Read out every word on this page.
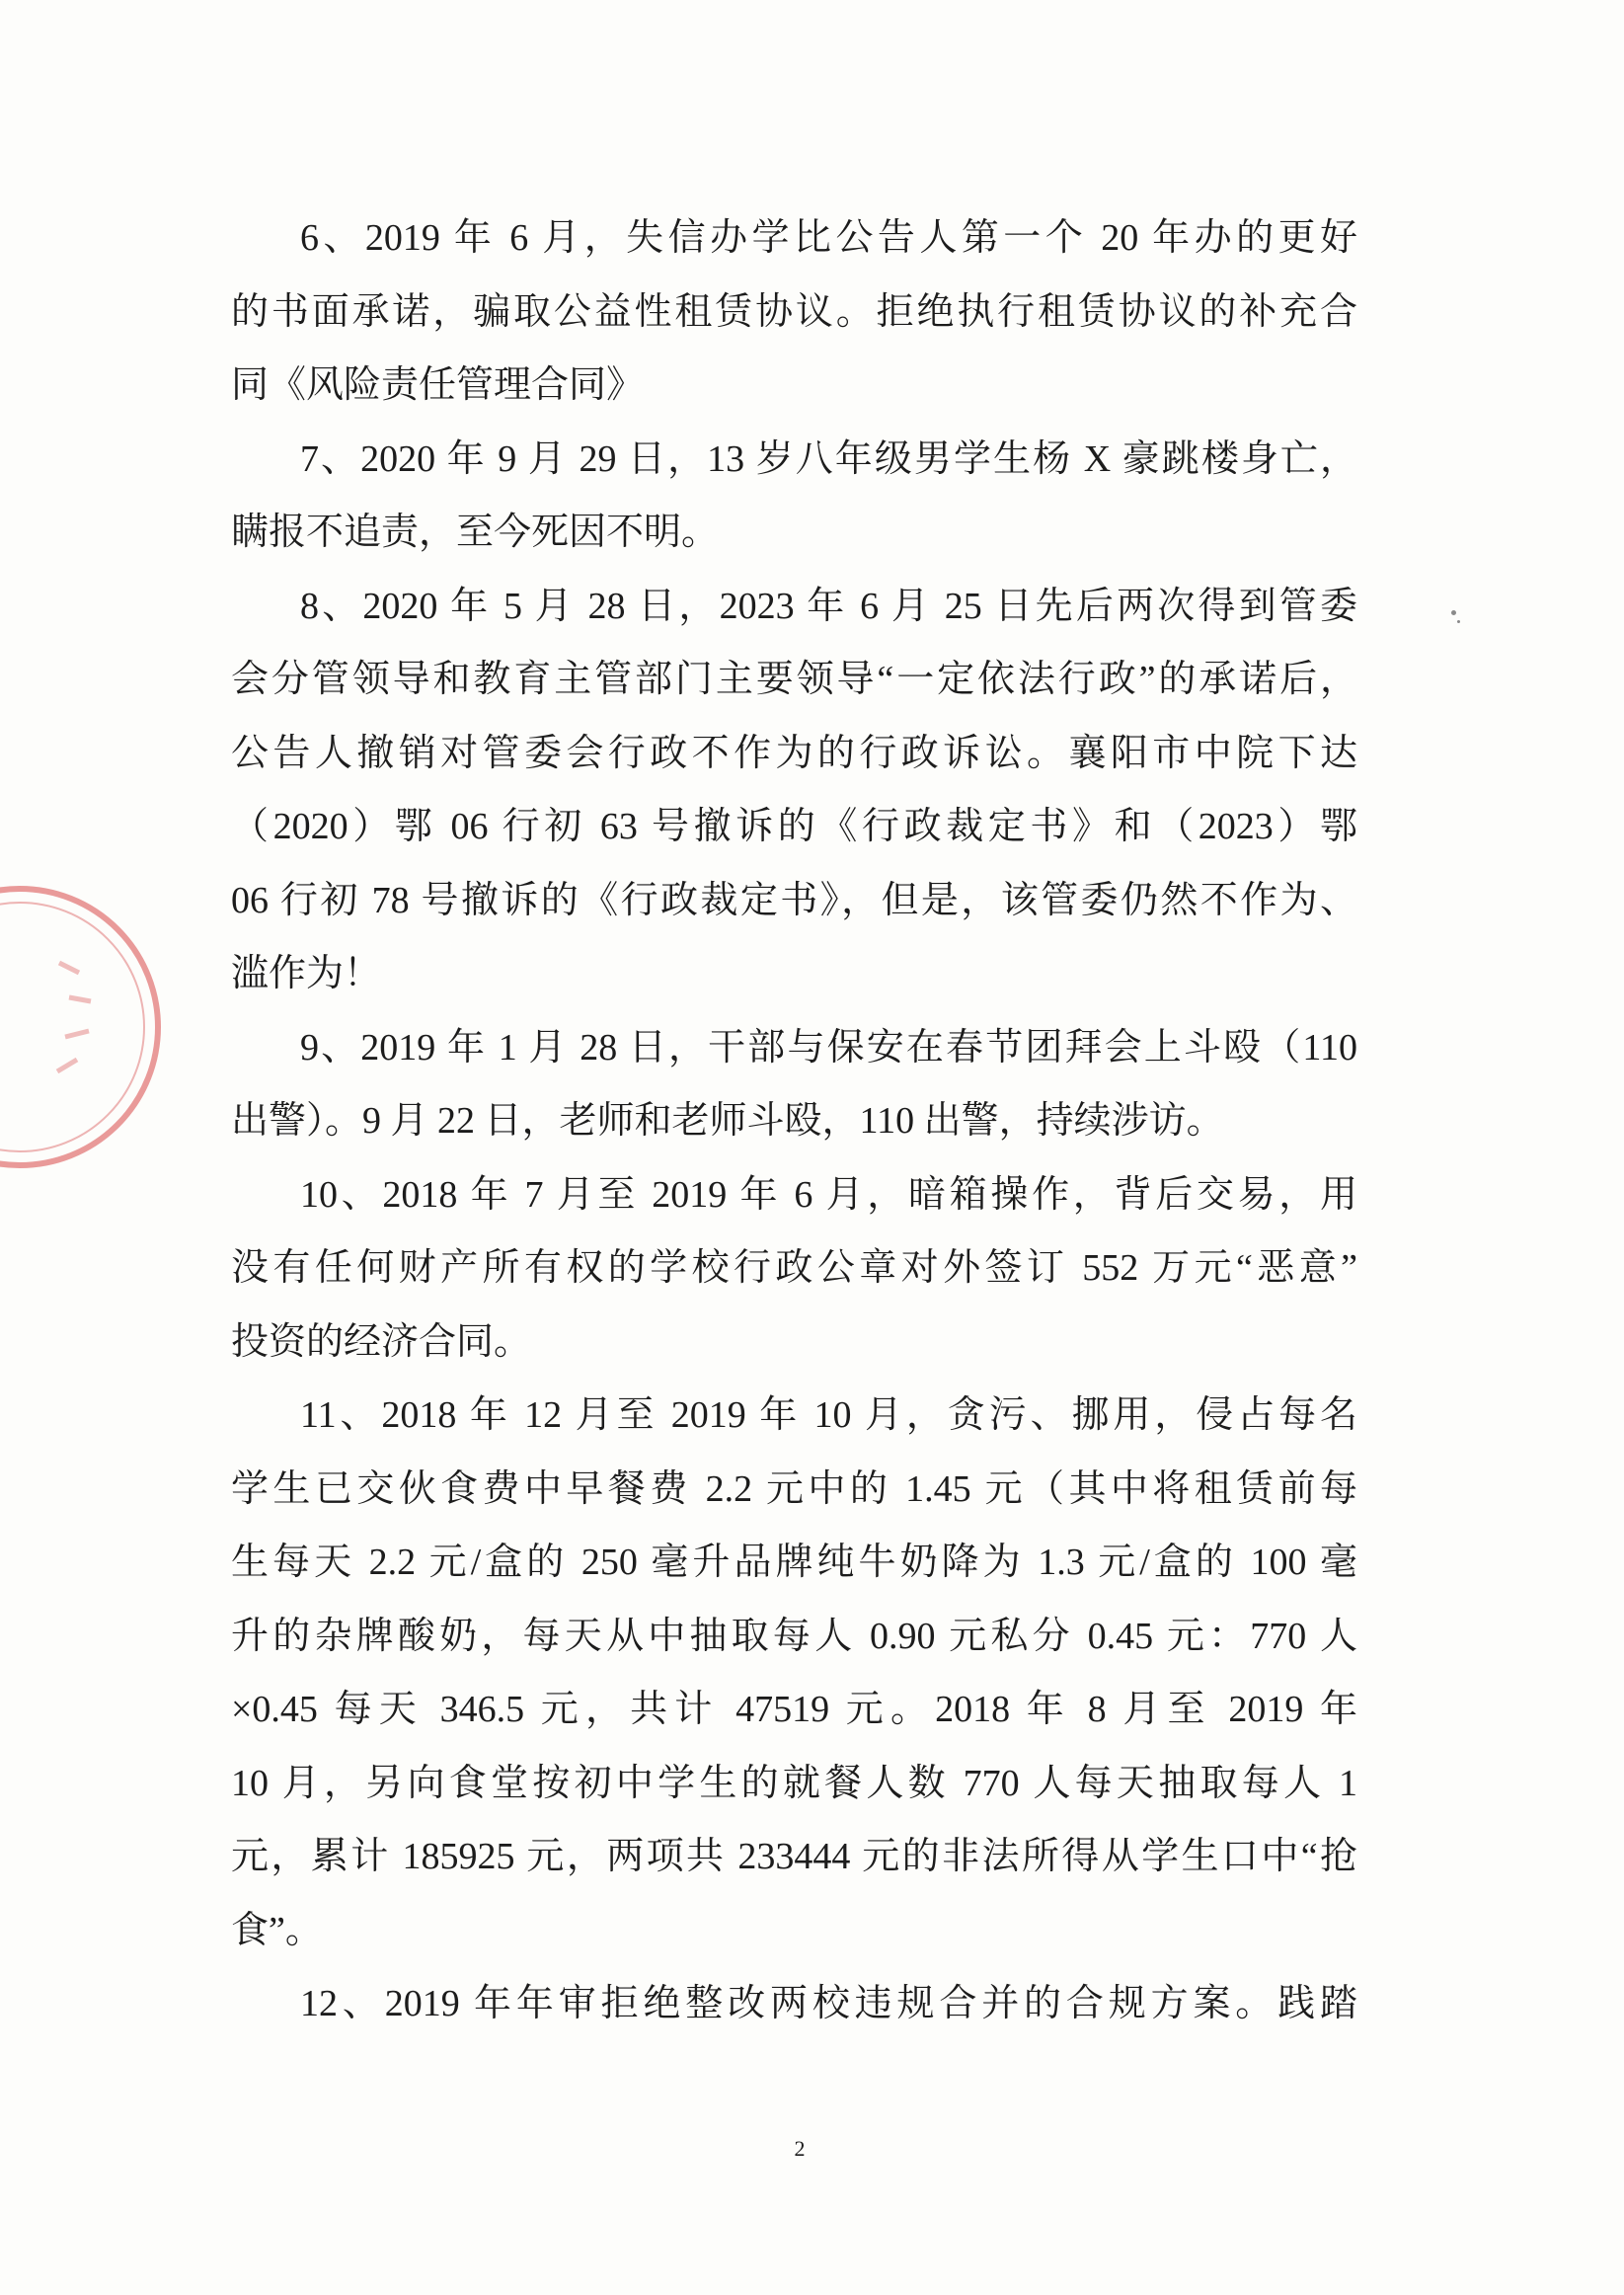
6、2019 年 6 月，失信办学比公告人第一个 20 年办的更好
的书面承诺，骗取公益性租赁协议。拒绝执行租赁协议的补充合
同《风险责任管理合同》
7、2020 年 9 月 29 日，13 岁八年级男学生杨 X 豪跳楼身亡，
瞒报不追责，至今死因不明。
8、2020 年 5 月 28 日，2023 年 6 月 25 日先后两次得到管委
会分管领导和教育主管部门主要领导“一定依法行政”的承诺后，
公告人撤销对管委会行政不作为的行政诉讼。襄阳市中院下达
（2020）鄂 06 行初 63 号撤诉的《行政裁定书》和（2023）鄂
06 行初 78 号撤诉的《行政裁定书》，但是，该管委仍然不作为、
滥作为！
9、2019 年 1 月 28 日，干部与保安在春节团拜会上斗殴（110
出警）。9 月 22 日，老师和老师斗殴，110 出警，持续涉访。
10、2018 年 7 月至 2019 年 6 月，暗箱操作，背后交易，用
没有任何财产所有权的学校行政公章对外签订 552 万元“恶意”
投资的经济合同。
11、2018 年 12 月至 2019 年 10 月，贪污、挪用，侵占每名
学生已交伙食费中早餐费 2.2 元中的 1.45 元（其中将租赁前每
生每天 2.2 元/盒的 250 毫升品牌纯牛奶降为 1.3 元/盒的 100 毫
升的杂牌酸奶，每天从中抽取每人 0.90 元私分 0.45 元：770 人
×0.45 每天 346.5 元，共计 47519 元。2018 年 8 月至 2019 年
10 月，另向食堂按初中学生的就餐人数 770 人每天抽取每人 1
元，累计 185925 元，两项共 233444 元的非法所得从学生口中“抢
食”。
12、2019 年年审拒绝整改两校违规合并的合规方案。践踏
2
